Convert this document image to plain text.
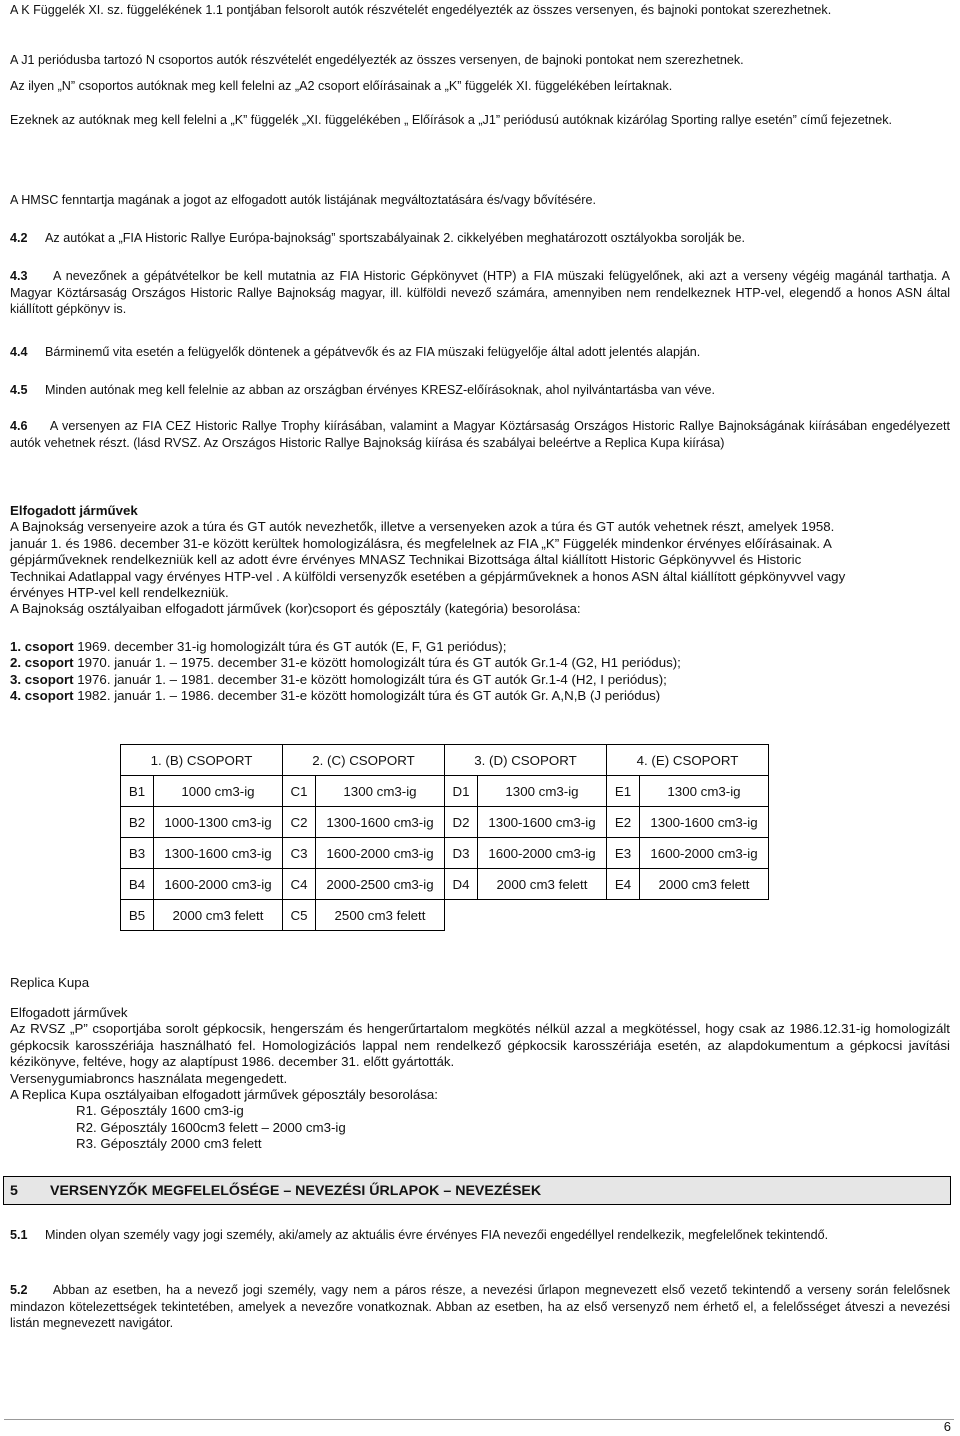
A K Függelék XI. sz. függelékének 1.1 pontjában felsorolt autók részvételét engedélyezték az összes versenyen, és bajnoki pontokat szerezhetnek.

A J1 periódusba tartozó N csoportos autók részvételét engedélyezték az összes versenyen, de bajnoki pontokat nem szerezhetnek.

Az ilyen „N” csoportos autóknak meg kell felelni az „A2 csoport előírásainak a „K” függelék XI. függelékében leírtaknak.

Ezeknek az autóknak meg kell felelni a „K” függelék „XI. függelékében „ Előírások a „J1” periódusú autóknak kizárólag Sporting rallye esetén” című fejezetnek.

A HMSC fenntartja magának a jogot az elfogadott autók listájának megváltoztatására és/vagy bővítésére.

4.2 Az autókat a „FIA Historic Rallye Európa-bajnokság” sportszabályainak 2. cikkelyében meghatározott osztályokba sorolják be.

4.3 A nevezőnek a gépátvételkor be kell mutatnia az FIA Historic Gépkönyvet (HTP) a FIA müszaki felügyelőnek, aki azt a verseny végéig magánál tarthatja. A Magyar Köztársaság Országos Historic Rallye Bajnokság magyar, ill. külföldi nevező számára, amennyiben nem rendelkeznek HTP-vel, elegendő a honos ASN által kiállított gépkönyv is.

4.4 Bárminemű vita esetén a felügyelők döntenek a gépátvevők és az FIA müszaki felügyelője által adott jelentés alapján.

4.5 Minden autónak meg kell felelnie az abban az országban érvényes KRESZ-előírásoknak, ahol nyilvántartásba van véve.

4.6 A versenyen az FIA CEZ Historic Rallye Trophy kiírásában, valamint a Magyar Köztársaság Országos Historic Rallye Bajnokságának kiírásában engedélyezett autók vehetnek részt. (lásd RVSZ. Az Országos Historic Rallye Bajnokság kiírása és szabályai beleértve a Replica Kupa kiírása)

Elfogadott járművek
A Bajnokság versenyeire azok a túra és GT autók nevezhetők, illetve a versenyeken azok a túra és GT autók vehetnek részt, amelyek 1958.
január 1. és 1986. december 31-e között kerültek homologizálásra, és megfelelnek az FIA „K” Függelék mindenkor érvényes előírásainak. A
gépjárműveknek rendelkezniük kell az adott évre érvényes MNASZ Technikai Bizottsága által kiállított Historic Gépkönyvvel és Historic
Technikai Adatlappal vagy érvényes HTP-vel . A külföldi versenyzők esetében a gépjárműveknek a honos ASN által kiállított gépkönyvvel vagy
érvényes HTP-vel kell rendelkezniük.
A Bajnokság osztályaiban elfogadott járművek (kor)csoport és géposztály (kategória) besorolása:
1. csoport 1969. december 31-ig homologizált túra és GT autók (E, F, G1 periódus);
2. csoport 1970. január 1. – 1975. december 31-e között homologizált túra és GT autók Gr.1-4 (G2, H1 periódus);
3. csoport 1976. január 1. – 1981. december 31-e között homologizált túra és GT autók Gr.1-4 (H2, I periódus);
4. csoport 1982. január 1. – 1986. december 31-e között homologizált túra és GT autók Gr. A,N,B (J periódus)
1. (B) CSOPORT		2. (C) CSOPORT		3. (D) CSOPORT		4. (E) CSOPORT	
B1	1000 cm3-ig	C1	1300 cm3-ig	D1	1300 cm3-ig	E1	1300 cm3-ig
B2	1000-1300 cm3-ig	C2	1300-1600 cm3-ig	D2	1300-1600 cm3-ig	E2	1300-1600 cm3-ig
B3	1300-1600 cm3-ig	C3	1600-2000 cm3-ig	D3	1600-2000 cm3-ig	E3	1600-2000 cm3-ig
B4	1600-2000 cm3-ig	C4	2000-2500 cm3-ig	D4	2000 cm3 felett	E4	2000 cm3 felett
B5	2000 cm3 felett	C5	2500 cm3 felett				
Replica Kupa
Elfogadott járművek
Az RVSZ „P” csoportjába sorolt gépkocsik, hengerszám és hengerűrtartalom megkötés nélkül azzal a megkötéssel, hogy csak az 1986.12.31-ig homologizált gépkocsik karosszériája használható fel. Homologizációs lappal nem rendelkező gépkocsik karosszériája esetén, az alapdokumentum a gépkocsi javítási kézikönyve, feltéve, hogy az alaptípust 1986. december 31. előtt gyártották.
Versenygumiabroncs használata megengedett.
A Replica Kupa osztályaiban elfogadott járművek géposztály besorolása:
R1. Géposztály 1600 cm3-ig
R2. Géposztály 1600cm3 felett – 2000 cm3-ig
R3. Géposztály 2000 cm3 felett
5 VERSENYZŐK MEGFELELŐSÉGE – NEVEZÉSI ŰRLAPOK – NEVEZÉSEK

5.1 Minden olyan személy vagy jogi személy, aki/amely az aktuális évre érvényes FIA nevezői engedéllyel rendelkezik, megfelelőnek tekintendő.

5.2 Abban az esetben, ha a nevező jogi személy, vagy nem a páros része, a nevezési űrlapon megnevezett első vezető tekintendő a verseny során felelősnek mindazon kötelezettségek tekintetében, amelyek a nevezőre vonatkoznak. Abban az esetben, ha az első versenyző nem érhető el, a felelősséget átveszi a nevezési listán megnevezett navigátor.

6
